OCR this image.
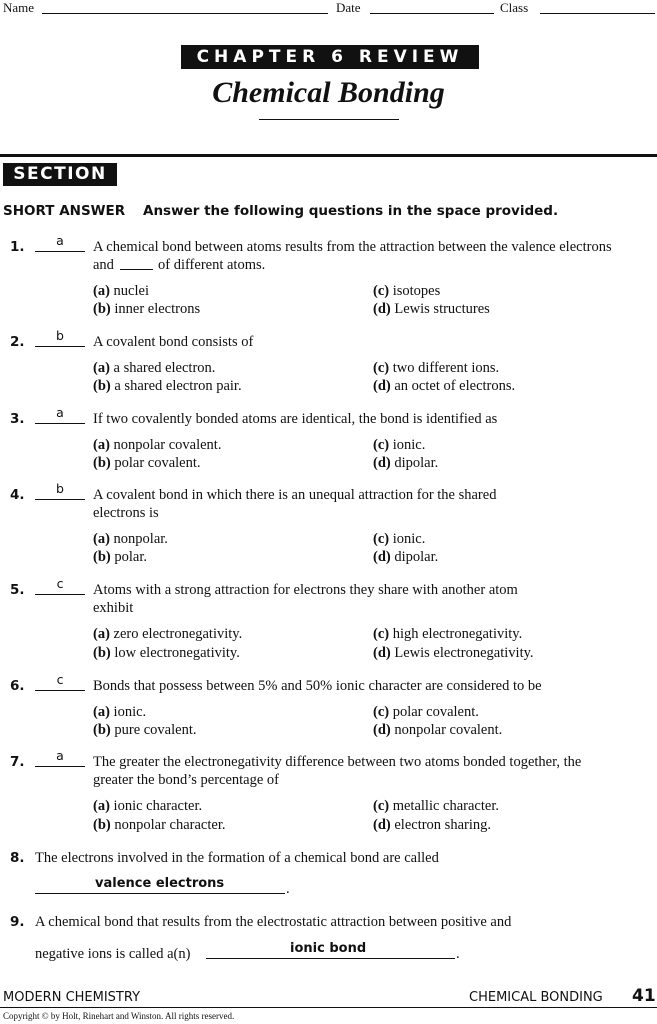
Name	Date	Class
CHAPTER 6 REVIEW
Chemical Bonding
SECTION 1
SHORT ANSWER Answer the following questions in the space provided.
1.	a	A chemical bond between atoms results from the attraction between the valence electrons
and	of different atoms.
(a) nuclei	(c) isotopes
(b) inner electrons	(d) Lewis structures
2.	b	A covalent bond consists of
(a) a shared electron.	(c) two different ions.
(b) a shared electron pair.	(d) an octet of electrons.
3.	a	If two covalently bonded atoms are identical, the bond is identified as
(a) nonpolar covalent.	(c) ionic.
(b) polar covalent.	(d) dipolar.
4.	b	A covalent bond in which there is an unequal attraction for the shared
electrons is
(a) nonpolar.	(c) ionic.
(b) polar.	(d) dipolar.
5.	c	Atoms with a strong attraction for electrons they share with another atom
exhibit
(a) zero electronegativity.	(c) high electronegativity.
(b) low electronegativity.	(d) Lewis electronegativity.
6.	c	Bonds that possess between 5% and 50% ionic character are considered to be
(a) ionic.	(c) polar covalent.
(b) pure covalent.	(d) nonpolar covalent.
7.	a	The greater the electronegativity difference between two atoms bonded together, the
greater the bond’s percentage of
(a) ionic character.	(c) metallic character.
(b) nonpolar character.	(d) electron sharing.
8. The electrons involved in the formation of a chemical bond are called
valence electrons	.
9. A chemical bond that results from the electrostatic attraction between positive and
negative ions is called a(n)	ionic bond	.
MODERN CHEMISTRY	CHEMICAL BONDING 41
Copyright © by Holt, Rinehart and Winston. All rights reserved.
